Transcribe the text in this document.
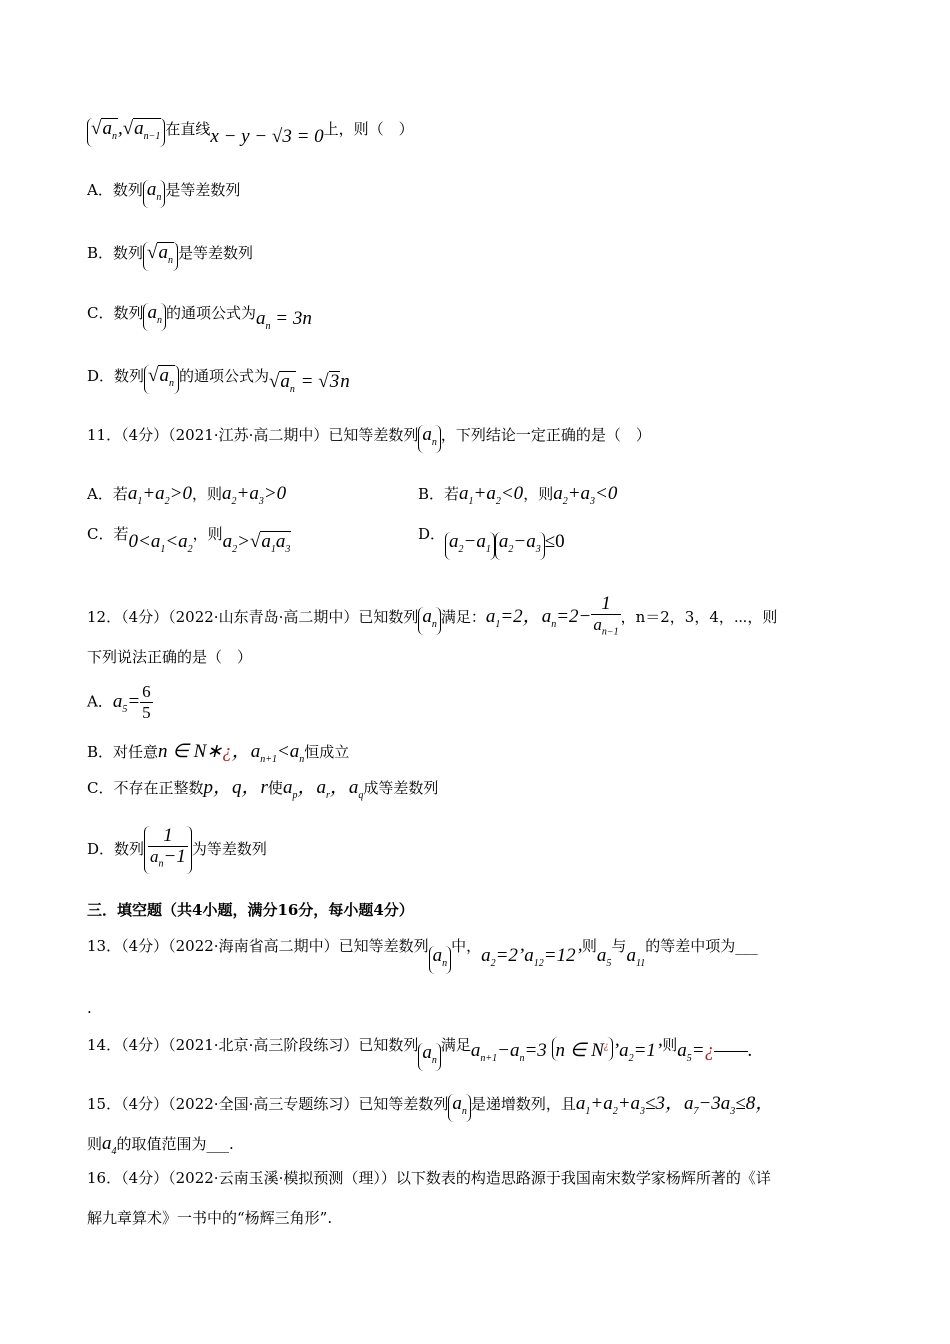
$√a_n,√a_{n-1}$ 在直线x − y − √3 = 0上，则（　）
A．数列 $a_n$ 是等差数列
B．数列 $√a_n$ 是等差数列
C．数列 $a_n$ 的通项公式为$a_n = 3n$
D．数列 $√a_n$ 的通项公式为$√a_n = √3n$
11．（4分）（2021·江苏·高二期中）已知等差数列 $a_n$ ，下列结论一定正确的是（　）
A．若$a_1+a_2>0$，则$a_2+a_3>0$	B．若$a_1+a_2<0$，则$a_2+a_3<0$
C．若$0<a_1<a_2$，则$a_2>√a_1a_3$
D． $a_2-a_1$ $a_2-a_3 \le 0$
12．（4分）（2022·山东青岛·高二期中）已知数列 $a_n$ 满足：$a_1=2$，$a_n=2- \frac{1}{a_{n-1}}$ ，n＝2，3，4，⋯，则
下列说法正确的是（　）
A．$a_5= \frac{6}{5}$
B．对任意n ∈ N∗¿，$a_{n+1}<a_n$恒成立
C．不存在正整数p，q，r使$a_p$，$a_r$，$a_q$成等差数列
D．数列 $\frac{1}{a_n-1}$ 为等差数列
三．填空题（共4小题，满分16分，每小题4分）
13．（4分）（2022·海南省高二期中）已知等差数列 $a_n$中，$a_2=2’a_{12}=12$’则$a_5$与$a_{11}$的等差中项为___
.
14．（4分）（2021·北京·高三阶段练习）已知数列 $a_n$满足$a_{n+1}-a_n=3$ n ∈ N¿ $’a_2=1$’则$a_5=¿——$.
15．（4分）（2022·全国·高三专题练习）已知等差数列 $a_n$ 是递增数列，且$a_1+a_2+a_3\le 3$，$a_7-3a_3\le 8$，
则$a_4$的取值范围为___.
16．（4分）（2022·云南玉溪·模拟预测（理））以下数表的构造思路源于我国南宋数学家杨辉所著的《详
解九章算术》一书中的“杨辉三角形”.
